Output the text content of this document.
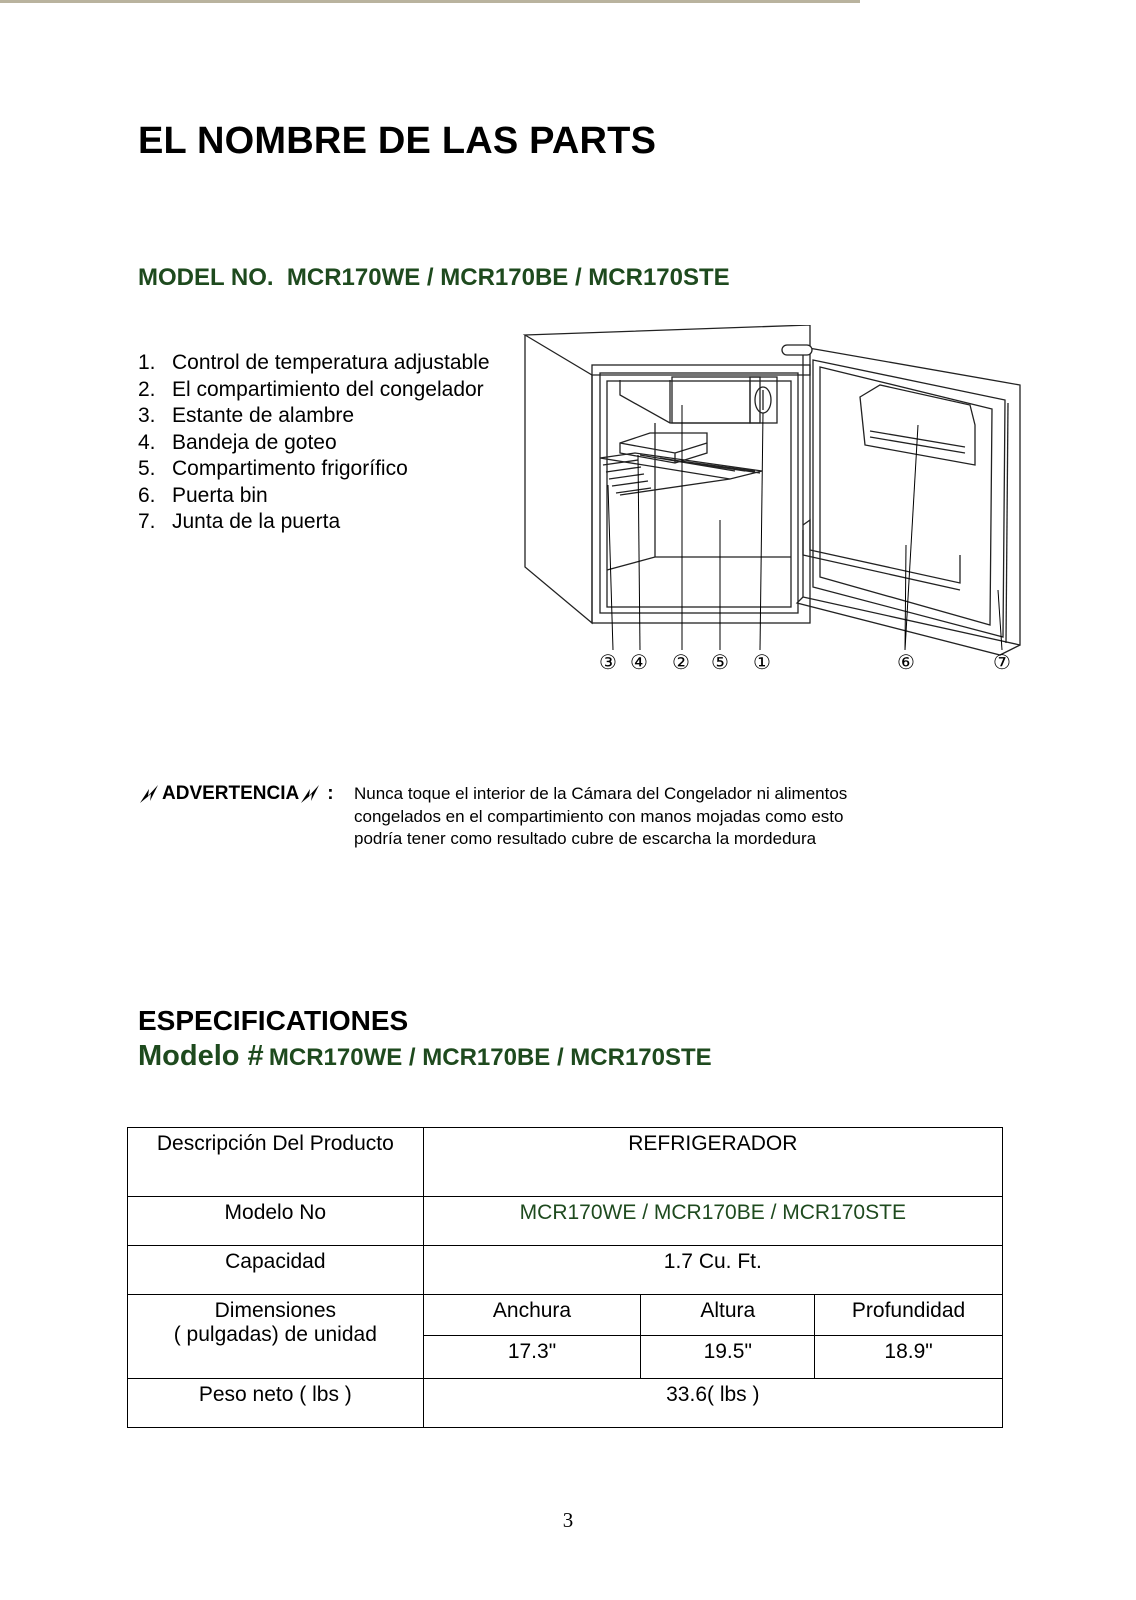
EL NOMBRE DE LAS PARTS
MODEL NO.  MCR170WE / MCR170BE / MCR170STE
1. Control de temperatura adjustable
2. El compartimiento del congelador
3. Estante de alambre
4. Bandeja de goteo
5. Compartimento frigorífico
6. Puerta bin
7. Junta de la puerta
③ ④ ② ⑤ ①	⑥	⑦
ADVERTENCIA : Nunca toque el interior de la Cámara del Congelador ni alimentos
congelados en el compartimiento con manos mojadas como esto
podría tener como resultado cubre de escarcha la mordedura
ESPECIFICATIONES
Modelo # MCR170WE / MCR170BE / MCR170STE
Descripción Del Producto	REFRIGERADOR		
Modelo No	MCR170WE / MCR170BE / MCR170STE		
Capacidad	1.7 Cu. Ft.		

Dimensiones
( pulgadas) de unidad	Anchura	Altura	Profundidad
	17.3"	19.5"	18.9"
Peso neto ( lbs )	33.6( lbs )		
3
